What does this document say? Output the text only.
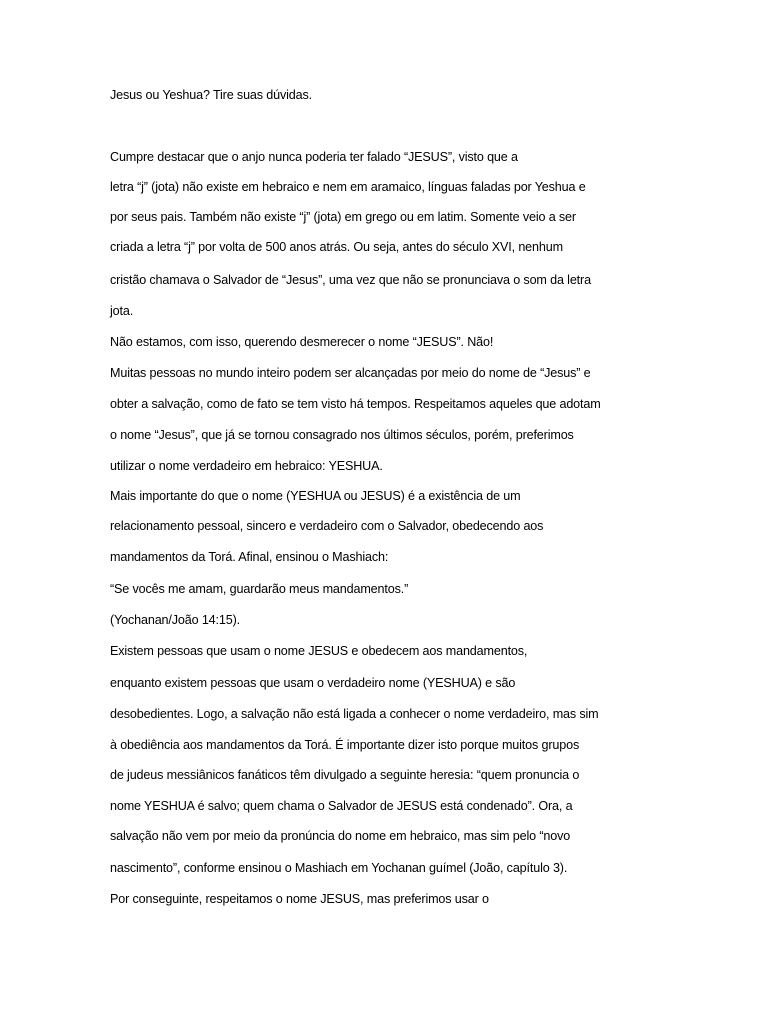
Jesus ou Yeshua? Tire suas dúvidas.

Cumpre destacar que o anjo nunca poderia ter falado “JESUS”, visto que a

letra “j” (jota) não existe em hebraico e nem em aramaico, línguas faladas por Yeshua e

por seus pais. Também não existe “j” (jota) em grego ou em latim. Somente veio a ser

criada a letra “j” por volta de 500 anos atrás. Ou seja, antes do século XVI, nenhum

cristão chamava o Salvador de “Jesus”, uma vez que não se pronunciava o som da letra

jota.

Não estamos, com isso, querendo desmerecer o nome “JESUS”. Não!

Muitas pessoas no mundo inteiro podem ser alcançadas por meio do nome de “Jesus” e

obter a salvação, como de fato se tem visto há tempos. Respeitamos aqueles que adotam

o nome “Jesus”, que já se tornou consagrado nos últimos séculos, porém, preferimos

utilizar o nome verdadeiro em hebraico: YESHUA.

Mais importante do que o nome (YESHUA ou JESUS) é a existência de um

relacionamento pessoal, sincero e verdadeiro com o Salvador, obedecendo aos

mandamentos da Torá. Afinal, ensinou o Mashiach:

“Se vocês me amam, guardarão meus mandamentos.”

(Yochanan/João 14:15).

Existem pessoas que usam o nome JESUS e obedecem aos mandamentos,

enquanto existem pessoas que usam o verdadeiro nome (YESHUA) e são

desobedientes. Logo, a salvação não está ligada a conhecer o nome verdadeiro, mas sim

à obediência aos mandamentos da Torá. É importante dizer isto porque muitos grupos

de judeus messiânicos fanáticos têm divulgado a seguinte heresia: “quem pronuncia o

nome YESHUA é salvo; quem chama o Salvador de JESUS está condenado”. Ora, a

salvação não vem por meio da pronúncia do nome em hebraico, mas sim pelo “novo

nascimento”, conforme ensinou o Mashiach em Yochanan guímel (João, capítulo 3).

Por conseguinte, respeitamos o nome JESUS, mas preferimos usar o
